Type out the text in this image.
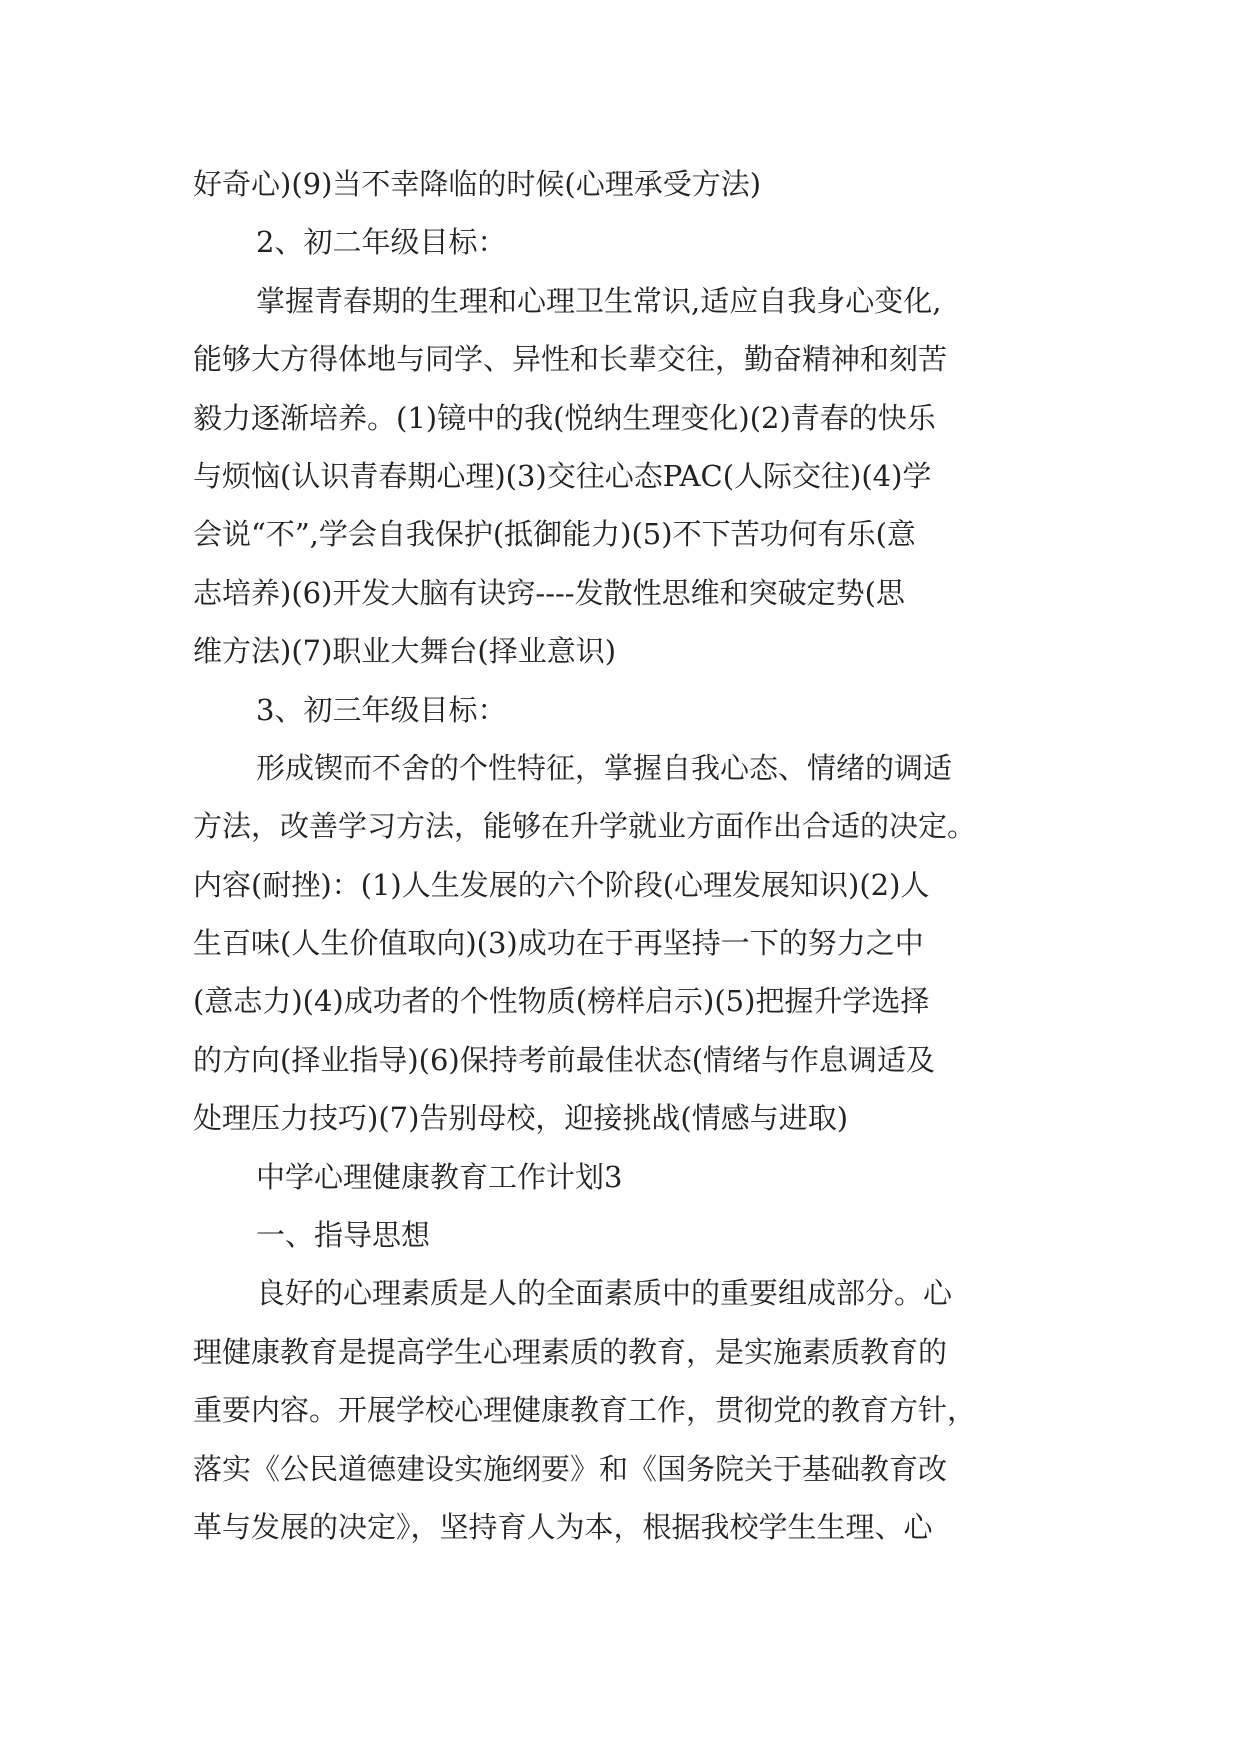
好奇心)(9)当不幸降临的时候(心理承受方法)
2、初二年级目标：
掌握青春期的生理和心理卫生常识,适应自我身心变化,
能够大方得体地与同学、异性和长辈交往，勤奋精神和刻苦
毅力逐渐培养。(1)镜中的我(悦纳生理变化)(2)青春的快乐
与烦恼(认识青春期心理)(3)交往心态PAC(人际交往)(4)学
会说“不”,学会自我保护(抵御能力)(5)不下苦功何有乐(意
志培养)(6)开发大脑有诀窍----发散性思维和突破定势(思
维方法)(7)职业大舞台(择业意识)
3、初三年级目标：
形成锲而不舍的个性特征，掌握自我心态、情绪的调适
方法，改善学习方法，能够在升学就业方面作出合适的决定。
内容(耐挫)：(1)人生发展的六个阶段(心理发展知识)(2)人
生百味(人生价值取向)(3)成功在于再坚持一下的努力之中
(意志力)(4)成功者的个性物质(榜样启示)(5)把握升学选择
的方向(择业指导)(6)保持考前最佳状态(情绪与作息调适及
处理压力技巧)(7)告别母校，迎接挑战(情感与进取)
中学心理健康教育工作计划3
一、指导思想
良好的心理素质是人的全面素质中的重要组成部分。心
理健康教育是提高学生心理素质的教育，是实施素质教育的
重要内容。开展学校心理健康教育工作，贯彻党的教育方针，
落实《公民道德建设实施纲要》和《国务院关于基础教育改
革与发展的决定》，坚持育人为本，根据我校学生生理、心
